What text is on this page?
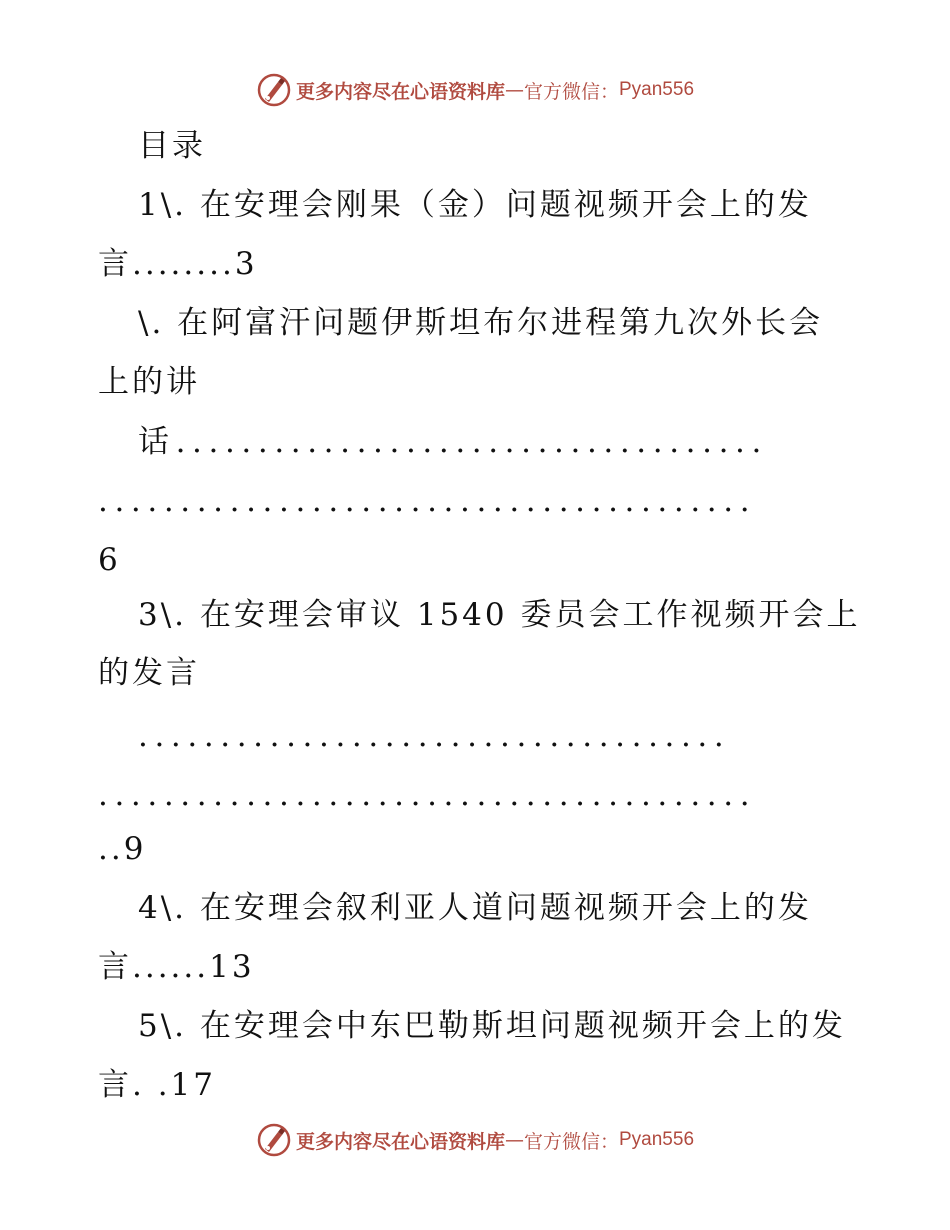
更多内容尽在心语资料库 — 官方微信： Pyan556
目录
1\. 在安理会刚果（金）问题视频开会上的发
言........3
\. 在阿富汗问题伊斯坦布尔进程第九次外长会
上的讲
话....................................
........................................
6
3\. 在安理会审议 1540 委员会工作视频开会上
的发言
....................................
........................................
..9
4\. 在安理会叙利亚人道问题视频开会上的发
言......13
5\. 在安理会中东巴勒斯坦问题视频开会上的发
言. .17
更多内容尽在心语资料库 — 官方微信： Pyan556
